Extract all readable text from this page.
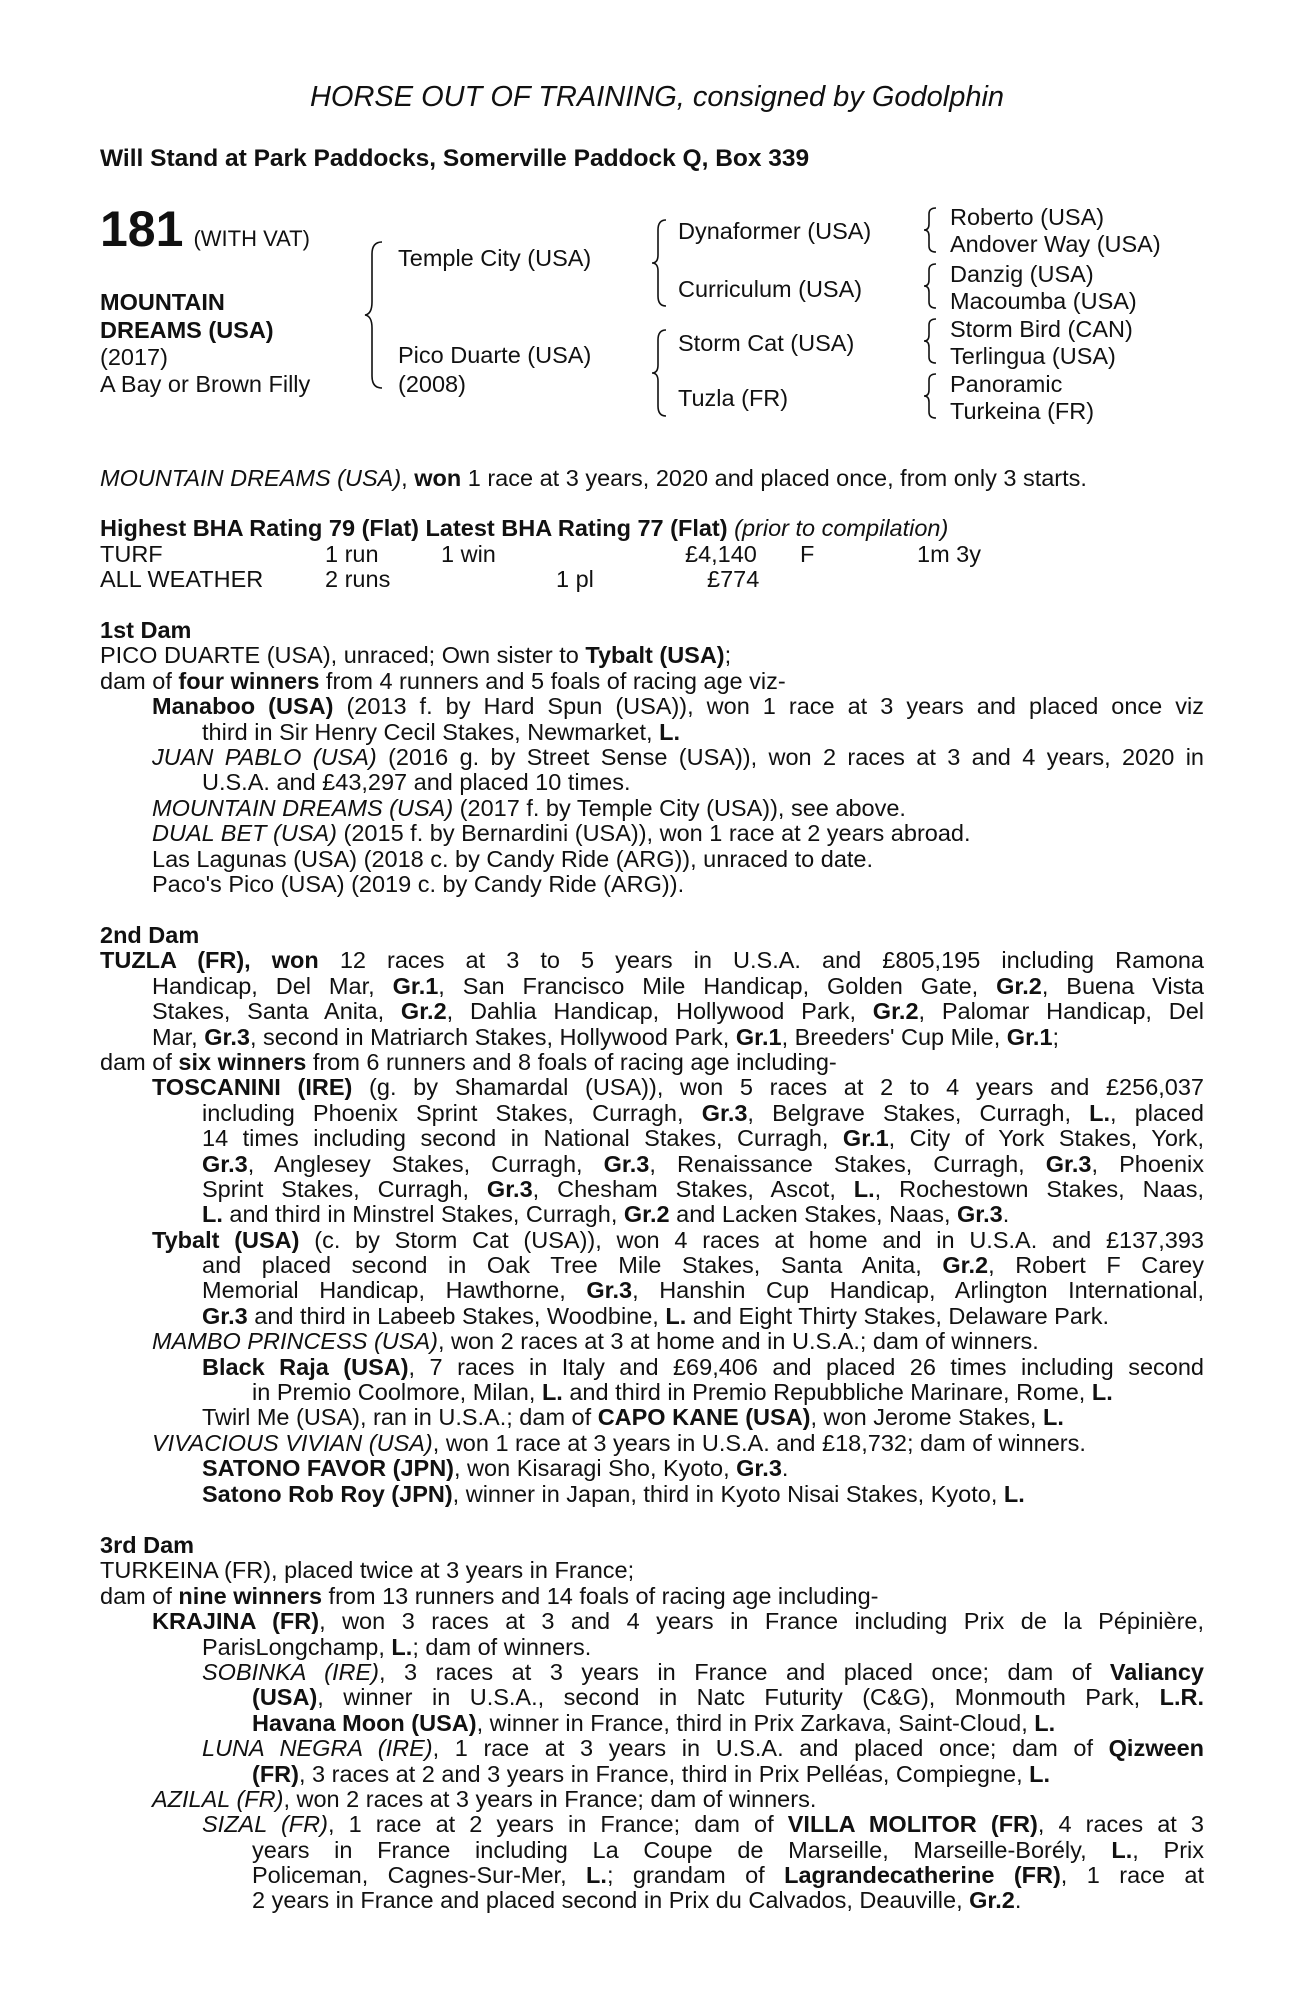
HORSE OUT OF TRAINING, consigned by Godolphin
Will Stand at Park Paddocks, Somerville Paddock Q, Box 339
181 (WITH VAT)
MOUNTAIN
DREAMS (USA)
(2017)
A Bay or Brown Filly
Temple City (USA)
Pico Duarte (USA)
(2008)
Dynaformer (USA)
Curriculum (USA)
Storm Cat (USA)
Tuzla (FR)
Roberto (USA)
Andover Way (USA)
Danzig (USA)
Macoumba (USA)
Storm Bird (CAN)
Terlingua (USA)
Panoramic
Turkeina (FR)
MOUNTAIN DREAMS (USA), won 1 race at 3 years, 2020 and placed once, from only 3 starts.
Highest BHA Rating 79 (Flat) Latest BHA Rating 77 (Flat) (prior to compilation)
TURF	1 run	1 win	£4,140 F	1m 3y
ALL WEATHER	2 runs	1 pl	£774
1st Dam
PICO DUARTE (USA), unraced; Own sister to Tybalt (USA);
dam of four winners from 4 runners and 5 foals of racing age viz-
Manaboo (USA) (2013 f. by Hard Spun (USA)), won 1 race at 3 years and placed once viz
third in Sir Henry Cecil Stakes, Newmarket, L.
JUAN PABLO (USA) (2016 g. by Street Sense (USA)), won 2 races at 3 and 4 years, 2020 in
U.S.A. and £43,297 and placed 10 times.
MOUNTAIN DREAMS (USA) (2017 f. by Temple City (USA)), see above.
DUAL BET (USA) (2015 f. by Bernardini (USA)), won 1 race at 2 years abroad.
Las Lagunas (USA) (2018 c. by Candy Ride (ARG)), unraced to date.
Paco's Pico (USA) (2019 c. by Candy Ride (ARG)).
2nd Dam
TUZLA (FR), won 12 races at 3 to 5 years in U.S.A. and £805,195 including Ramona
Handicap, Del Mar, Gr.1, San Francisco Mile Handicap, Golden Gate, Gr.2, Buena Vista
Stakes, Santa Anita, Gr.2, Dahlia Handicap, Hollywood Park, Gr.2, Palomar Handicap, Del
Mar, Gr.3, second in Matriarch Stakes, Hollywood Park, Gr.1, Breeders' Cup Mile, Gr.1;
dam of six winners from 6 runners and 8 foals of racing age including-
TOSCANINI (IRE) (g. by Shamardal (USA)), won 5 races at 2 to 4 years and £256,037
including Phoenix Sprint Stakes, Curragh, Gr.3, Belgrave Stakes, Curragh, L., placed
14 times including second in National Stakes, Curragh, Gr.1, City of York Stakes, York,
Gr.3, Anglesey Stakes, Curragh, Gr.3, Renaissance Stakes, Curragh, Gr.3, Phoenix
Sprint Stakes, Curragh, Gr.3, Chesham Stakes, Ascot, L., Rochestown Stakes, Naas,
L. and third in Minstrel Stakes, Curragh, Gr.2 and Lacken Stakes, Naas, Gr.3.
Tybalt (USA) (c. by Storm Cat (USA)), won 4 races at home and in U.S.A. and £137,393
and placed second in Oak Tree Mile Stakes, Santa Anita, Gr.2, Robert F Carey
Memorial Handicap, Hawthorne, Gr.3, Hanshin Cup Handicap, Arlington International,
Gr.3 and third in Labeeb Stakes, Woodbine, L. and Eight Thirty Stakes, Delaware Park.
MAMBO PRINCESS (USA), won 2 races at 3 at home and in U.S.A.; dam of winners.
Black Raja (USA), 7 races in Italy and £69,406 and placed 26 times including second
in Premio Coolmore, Milan, L. and third in Premio Repubbliche Marinare, Rome, L.
Twirl Me (USA), ran in U.S.A.; dam of CAPO KANE (USA), won Jerome Stakes, L.
VIVACIOUS VIVIAN (USA), won 1 race at 3 years in U.S.A. and £18,732; dam of winners.
SATONO FAVOR (JPN), won Kisaragi Sho, Kyoto, Gr.3.
Satono Rob Roy (JPN), winner in Japan, third in Kyoto Nisai Stakes, Kyoto, L.
3rd Dam
TURKEINA (FR), placed twice at 3 years in France;
dam of nine winners from 13 runners and 14 foals of racing age including-
KRAJINA (FR), won 3 races at 3 and 4 years in France including Prix de la Pépinière,
ParisLongchamp, L.; dam of winners.
SOBINKA (IRE), 3 races at 3 years in France and placed once; dam of Valiancy
(USA), winner in U.S.A., second in Natc Futurity (C&G), Monmouth Park, L.R.
Havana Moon (USA), winner in France, third in Prix Zarkava, Saint-Cloud, L.
LUNA NEGRA (IRE), 1 race at 3 years in U.S.A. and placed once; dam of Qizween
(FR), 3 races at 2 and 3 years in France, third in Prix Pelléas, Compiegne, L.
AZILAL (FR), won 2 races at 3 years in France; dam of winners.
SIZAL (FR), 1 race at 2 years in France; dam of VILLA MOLITOR (FR), 4 races at 3
years in France including La Coupe de Marseille, Marseille-Borély, L., Prix
Policeman, Cagnes-Sur-Mer, L.; grandam of Lagrandecatherine (FR), 1 race at
2 years in France and placed second in Prix du Calvados, Deauville, Gr.2.
